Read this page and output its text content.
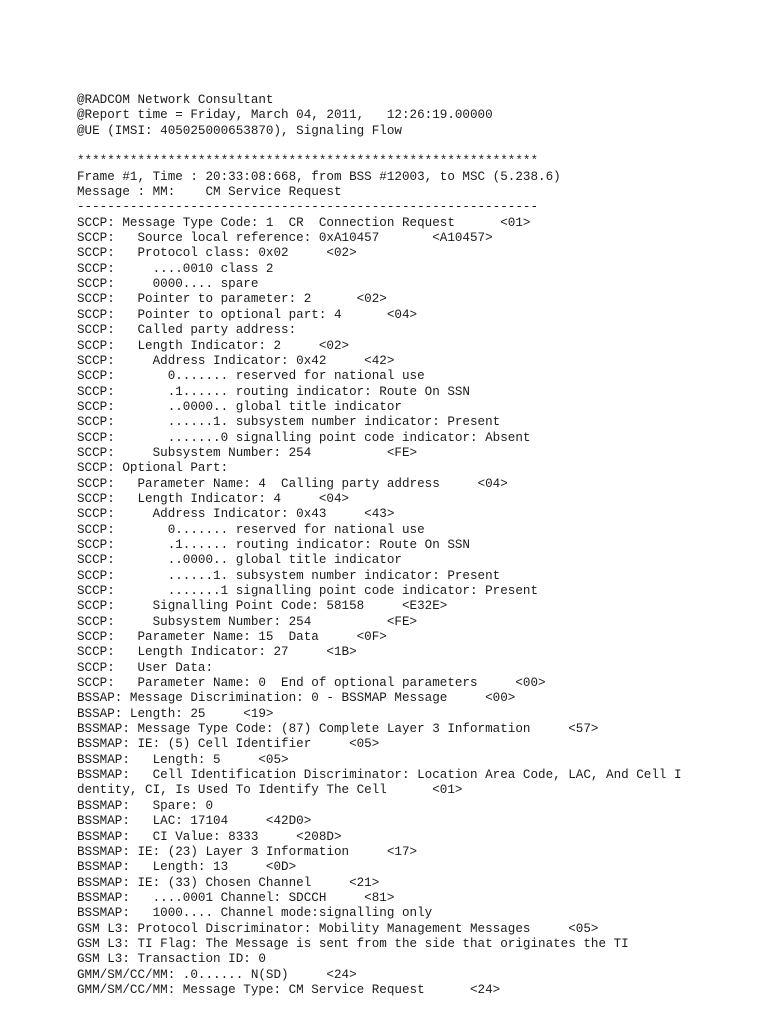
@RADCOM Network Consultant
@Report time = Friday, March 04, 2011,   12:26:19.00000
@UE (IMSI: 405025000653870), Signaling Flow
*************************************************************
Frame #1, Time : 20:33:08:668, from BSS #12003, to MSC (5.238.6)
Message : MM:    CM Service Request
-------------------------------------------------------------
SCCP: Message Type Code: 1  CR  Connection Request      <01>
SCCP:   Source local reference: 0xA10457       <A10457>
SCCP:   Protocol class: 0x02     <02>
SCCP:     ....0010 class 2
SCCP:     0000.... spare
SCCP:   Pointer to parameter: 2      <02>
SCCP:   Pointer to optional part: 4      <04>
SCCP:   Called party address:
SCCP:   Length Indicator: 2     <02>
SCCP:     Address Indicator: 0x42     <42>
SCCP:       0....... reserved for national use
SCCP:       .1...... routing indicator: Route On SSN
SCCP:       ..0000.. global title indicator
SCCP:       ......1. subsystem number indicator: Present
SCCP:       .......0 signalling point code indicator: Absent
SCCP:     Subsystem Number: 254          <FE>
SCCP: Optional Part:
SCCP:   Parameter Name: 4  Calling party address     <04>
SCCP:   Length Indicator: 4     <04>
SCCP:     Address Indicator: 0x43     <43>
SCCP:       0....... reserved for national use
SCCP:       .1...... routing indicator: Route On SSN
SCCP:       ..0000.. global title indicator
SCCP:       ......1. subsystem number indicator: Present
SCCP:       .......1 signalling point code indicator: Present
SCCP:     Signalling Point Code: 58158     <E32E>
SCCP:     Subsystem Number: 254          <FE>
SCCP:   Parameter Name: 15  Data     <0F>
SCCP:   Length Indicator: 27     <1B>
SCCP:   User Data:
SCCP:   Parameter Name: 0  End of optional parameters     <00>
BSSAP: Message Discrimination: 0 - BSSMAP Message     <00>
BSSAP: Length: 25     <19>
BSSMAP: Message Type Code: (87) Complete Layer 3 Information     <57>
BSSMAP: IE: (5) Cell Identifier     <05>
BSSMAP:   Length: 5     <05>
BSSMAP:   Cell Identification Discriminator: Location Area Code, LAC, And Cell I
dentity, CI, Is Used To Identify The Cell      <01>
BSSMAP:   Spare: 0
BSSMAP:   LAC: 17104     <42D0>
BSSMAP:   CI Value: 8333     <208D>
BSSMAP: IE: (23) Layer 3 Information     <17>
BSSMAP:   Length: 13     <0D>
BSSMAP: IE: (33) Chosen Channel     <21>
BSSMAP:   ....0001 Channel: SDCCH     <81>
BSSMAP:   1000.... Channel mode:signalling only
GSM L3: Protocol Discriminator: Mobility Management Messages     <05>
GSM L3: TI Flag: The Message is sent from the side that originates the TI
GSM L3: Transaction ID: 0
GMM/SM/CC/MM: .0...... N(SD)     <24>
GMM/SM/CC/MM: Message Type: CM Service Request      <24>
